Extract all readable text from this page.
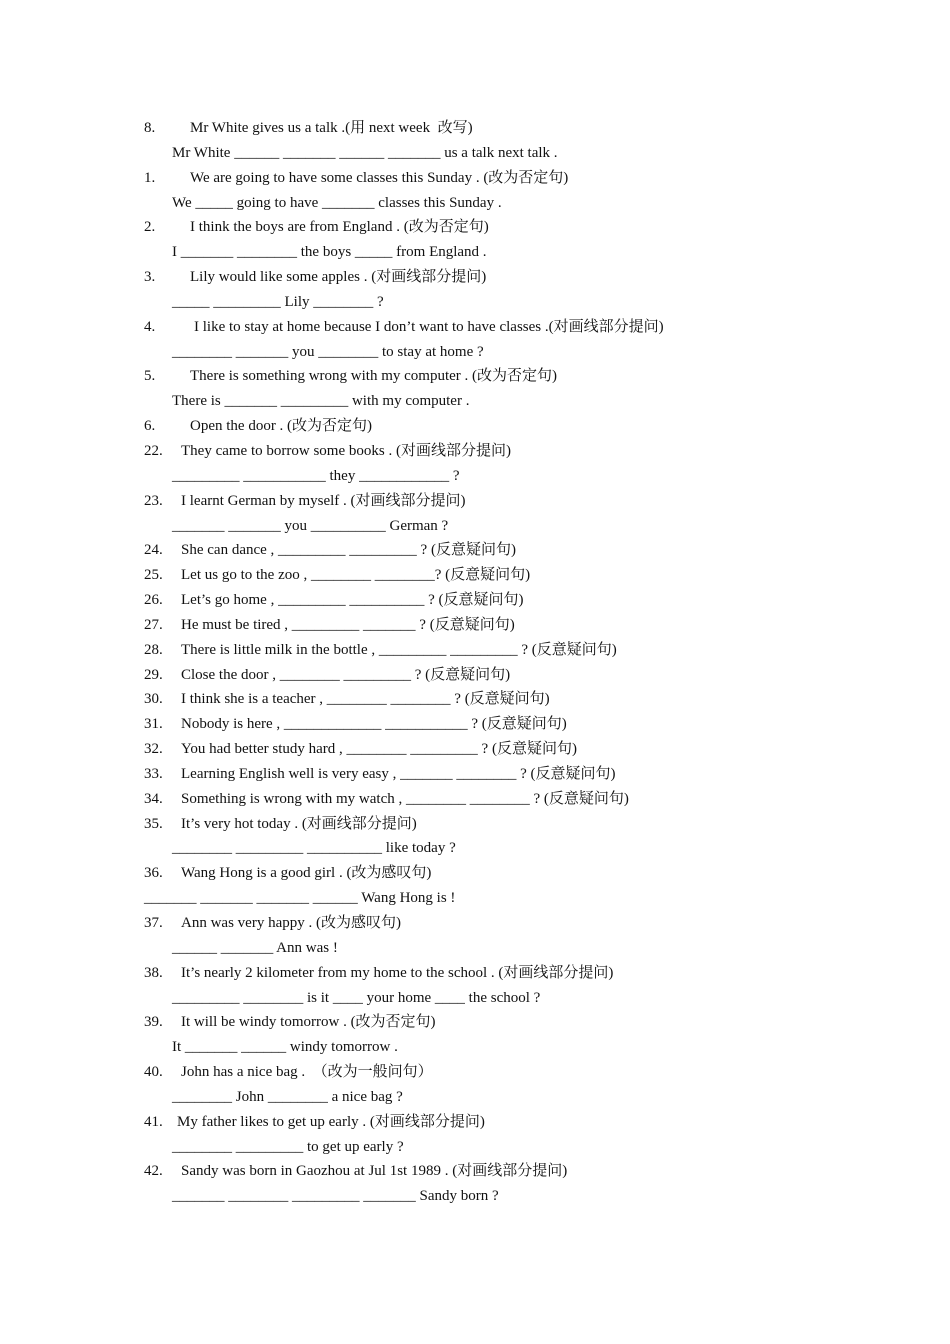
8. Mr White gives us a talk .(用 next week  改写)
Mr White ______ _______ ______ _______ us a talk next talk .
1. We are going to have some classes this Sunday . (改为否定句)
We _____ going to have _______ classes this Sunday .
2. I think the boys are from England . (改为否定句)
I _______ ________ the boys _____ from England .
3. Lily would like some apples . (对画线部分提问)
_____ _________ Lily ________ ?
4.	I like to stay at home because I don’t want to have classes .(对画线部分提问)
________ _______ you ________ to stay at home ?
5. There is something wrong with my computer . (改为否定句)
There is _______ _________ with my computer .
6. Open the door . (改为否定句)
22. They came to borrow some books . (对画线部分提问)
_________ ___________ they ____________ ?
23. I learnt German by myself . (对画线部分提问)
_______ _______ you __________ German ?
24. She can dance , _________ _________ ? (反意疑问句)
25. Let us go to the zoo , ________ ________? (反意疑问句)
26. Let’s go home , _________ __________ ? (反意疑问句)
27. He must be tired , _________ _______ ? (反意疑问句)
28. There is little milk in the bottle , _________ _________ ? (反意疑问句)
29. Close the door , ________ _________ ? (反意疑问句)
30. I think she is a teacher , ________ ________ ? (反意疑问句)
31. Nobody is here , _____________ ___________ ? (反意疑问句)
32. You had better study hard , ________ _________ ? (反意疑问句)
33. Learning English well is very easy , _______ ________ ? (反意疑问句)
34. Something is wrong with my watch , ________ ________ ? (反意疑问句)
35. It’s very hot today . (对画线部分提问)
________ _________ __________ like today ?
36. Wang Hong is a good girl . (改为感叹句)
_______ _______ _______ ______ Wang Hong is !
37. Ann was very happy . (改为感叹句)
______ _______ Ann was !
38. It’s nearly 2 kilometer from my home to the school . (对画线部分提问)
_________ ________ is it ____ your home ____ the school ?
39. It will be windy tomorrow . (改为否定句)
It _______ ______ windy tomorrow .
40. John has a nice bag .  （改为一般问句）
________ John ________ a nice bag ?
41. My father likes to get up early . (对画线部分提问)
________ _________ to get up early ?
42. Sandy was born in Gaozhou at Jul 1st 1989 . (对画线部分提问)
_______ ________ _________ _______ Sandy born ?
